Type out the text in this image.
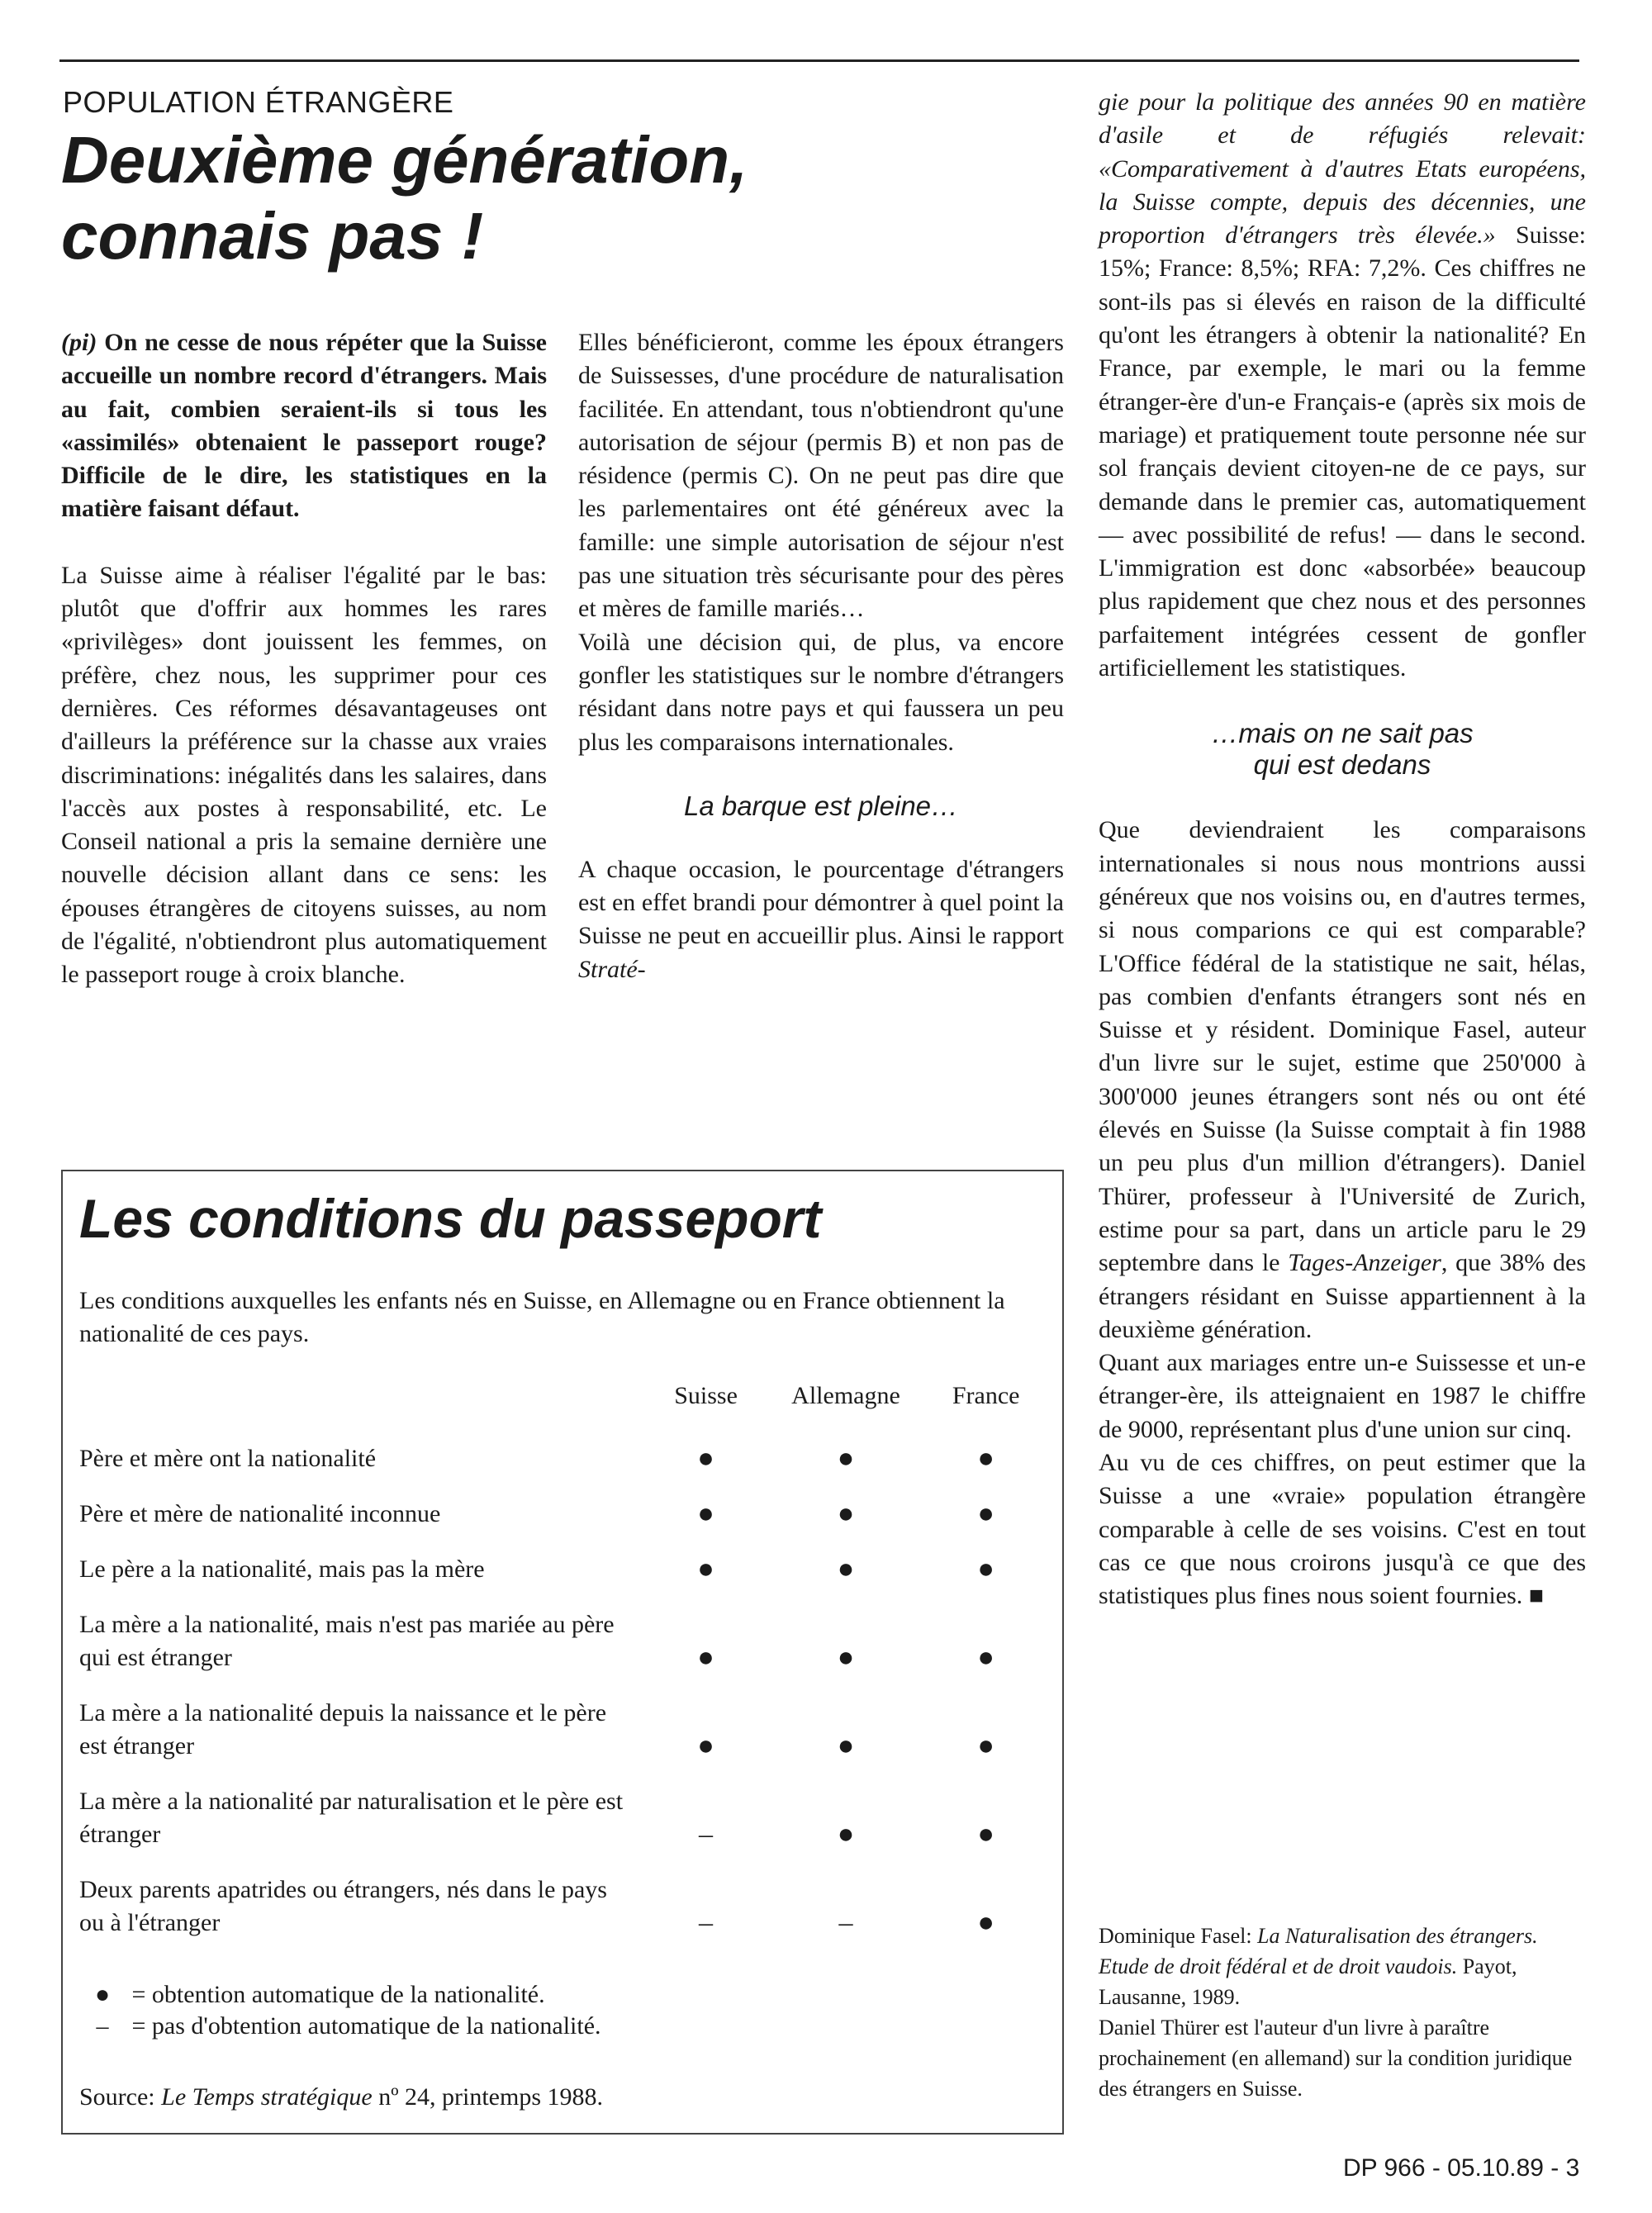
POPULATION ÉTRANGÈRE
Deuxième génération,
connais pas !

(pi) On ne cesse de nous répéter que la Suisse accueille un nombre record d'étrangers. Mais au fait, combien seraient-ils si tous les «assimilés» obtenaient le passeport rouge? Difficile de le dire, les statistiques en la matière faisant défaut.

La Suisse aime à réaliser l'égalité par le bas: plutôt que d'offrir aux hommes les rares «privilèges» dont jouissent les femmes, on préfère, chez nous, les supprimer pour ces dernières. Ces réformes désavantageuses ont d'ailleurs la préférence sur la chasse aux vraies discriminations: inégalités dans les salaires, dans l'accès aux postes à responsabilité, etc. Le Conseil national a pris la semaine dernière une nouvelle décision allant dans ce sens: les épouses étrangères de citoyens suisses, au nom de l'égalité, n'obtiendront plus automatiquement le passeport rouge à croix blanche.

Elles bénéficieront, comme les époux étrangers de Suissesses, d'une procédure de naturalisation facilitée. En attendant, tous n'obtiendront qu'une autorisation de séjour (permis B) et non pas de résidence (permis C). On ne peut pas dire que les parlementaires ont été généreux avec la famille: une simple autorisation de séjour n'est pas une situation très sécurisante pour des pères et mères de famille mariés…

Voilà une décision qui, de plus, va encore gonfler les statistiques sur le nombre d'étrangers résidant dans notre pays et qui faussera un peu plus les comparaisons internationales.

La barque est pleine…

A chaque occasion, le pourcentage d'étrangers est en effet brandi pour démontrer à quel point la Suisse ne peut en accueillir plus. Ainsi le rapport Straté-

gie pour la politique des années 90 en matière d'asile et de réfugiés relevait: «Comparativement à d'autres Etats européens, la Suisse compte, depuis des décennies, une proportion d'étrangers très élevée.» Suisse: 15%; France: 8,5%; RFA: 7,2%. Ces chiffres ne sont-ils pas si élevés en raison de la difficulté qu'ont les étrangers à obtenir la nationalité? En France, par exemple, le mari ou la femme étranger-ère d'un-e Français-e (après six mois de mariage) et pratiquement toute personne née sur sol français devient citoyen-ne de ce pays, sur demande dans le premier cas, automatiquement — avec possibilité de refus! — dans le second. L'immigration est donc «absorbée» beaucoup plus rapidement que chez nous et des personnes parfaitement intégrées cessent de gonfler artificiellement les statistiques.

…mais on ne sait pas
qui est dedans

Que deviendraient les comparaisons internationales si nous nous montrions aussi généreux que nos voisins ou, en d'autres termes, si nous comparions ce qui est comparable? L'Office fédéral de la statistique ne sait, hélas, pas combien d'enfants étrangers sont nés en Suisse et y résident. Dominique Fasel, auteur d'un livre sur le sujet, estime que 250'000 à 300'000 jeunes étrangers sont nés ou ont été élevés en Suisse (la Suisse comptait à fin 1988 un peu plus d'un million d'étrangers). Daniel Thürer, professeur à l'Université de Zurich, estime pour sa part, dans un article paru le 29 septembre dans le Tages-Anzeiger, que 38% des étrangers résidant en Suisse appartiennent à la deuxième génération.

Quant aux mariages entre un-e Suissesse et un-e étranger-ère, ils atteignaient en 1987 le chiffre de 9000, représentant plus d'une union sur cinq.

Au vu de ces chiffres, on peut estimer que la Suisse a une «vraie» population étrangère comparable à celle de ses voisins. C'est en tout cas ce que nous croirons jusqu'à ce que des statistiques plus fines nous soient fournies. ■

Dominique Fasel: La Naturalisation des étrangers. Etude de droit fédéral et de droit vaudois. Payot, Lausanne, 1989.

Daniel Thürer est l'auteur d'un livre à paraître prochainement (en allemand) sur la condition juridique des étrangers en Suisse.

Les conditions du passeport
Les conditions auxquelles les enfants nés en Suisse, en Allemagne ou en France obtiennent la nationalité de ces pays.
	Suisse	Allemagne	France
Père et mère ont la nationalité	●	●	●
Père et mère de nationalité inconnue	●	●	●
Le père a la nationalité, mais pas la mère	●	●	●
La mère a la nationalité, mais n'est pas mariée au père qui est étranger	●	●	●
La mère a la nationalité depuis la naissance et le père est étranger	●	●	●
La mère a la nationalité par naturalisation et le père est étranger	–	●	●
Deux parents apatrides ou étrangers, nés dans le pays ou à l'étranger	–	–	●
● = obtention automatique de la nationalité.
– = pas d'obtention automatique de la nationalité.
Source: Le Temps stratégique nº 24, printemps 1988.
DP 966 - 05.10.89 - 3
